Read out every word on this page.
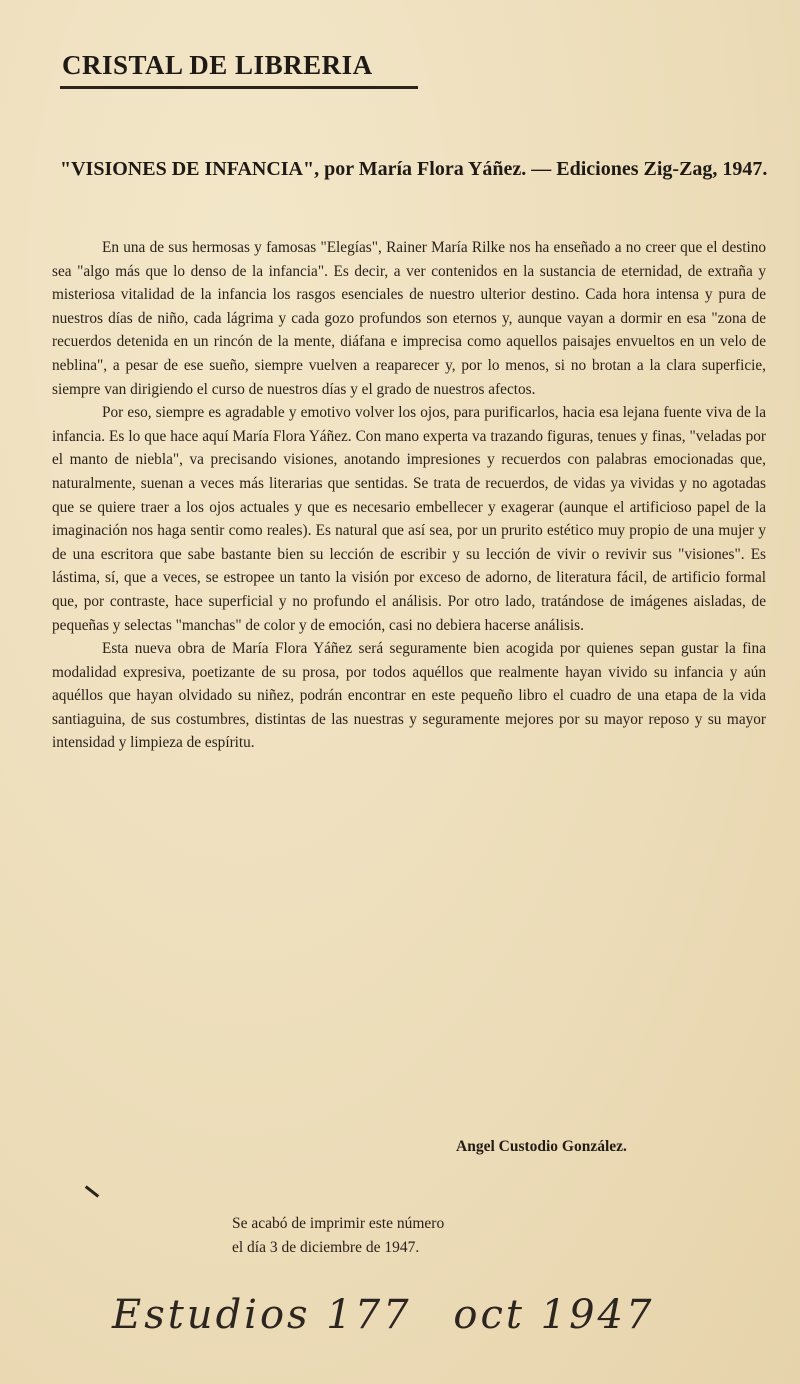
CRISTAL DE LIBRERIA
"VISIONES DE INFANCIA", por María Flora Yáñez. — Ediciones Zig-Zag, 1947.

En una de sus hermosas y famosas "Elegías", Rainer María Rilke nos ha enseñado a no creer que el destino sea "algo más que lo denso de la infancia". Es decir, a ver contenidos en la sustancia de eternidad, de extraña y misteriosa vitalidad de la infancia los rasgos esenciales de nuestro ulterior destino. Cada hora intensa y pura de nuestros días de niño, cada lágrima y cada gozo profundos son eternos y, aunque vayan a dormir en esa "zona de recuerdos detenida en un rincón de la mente, diáfana e imprecisa como aquellos paisajes envueltos en un velo de neblina", a pesar de ese sueño, siempre vuelven a reaparecer y, por lo menos, si no brotan a la clara superficie, siempre van dirigiendo el curso de nuestros días y el grado de nuestros afectos.

Por eso, siempre es agradable y emotivo volver los ojos, para purificarlos, hacia esa lejana fuente viva de la infancia. Es lo que hace aquí María Flora Yáñez. Con mano experta va trazando figuras, tenues y finas, "veladas por el manto de niebla", va precisando visiones, anotando impresiones y recuerdos con palabras emocionadas que, naturalmente, suenan a veces más literarias que sentidas. Se trata de recuerdos, de vidas ya vividas y no agotadas que se quiere traer a los ojos actuales y que es necesario embellecer y exagerar (aunque el artificioso papel de la imaginación nos haga sentir como reales). Es natural que así sea, por un prurito estético muy propio de una mujer y de una escritora que sabe bastante bien su lección de escribir y su lección de vivir o revivir sus "visiones". Es lástima, sí, que a veces, se estropee un tanto la visión por exceso de adorno, de literatura fácil, de artificio formal que, por contraste, hace superficial y no profundo el análisis. Por otro lado, tratándose de imágenes aisladas, de pequeñas y selectas "manchas" de color y de emoción, casi no debiera hacerse análisis.

Esta nueva obra de María Flora Yáñez será seguramente bien acogida por quienes sepan gustar la fina modalidad expresiva, poetizante de su prosa, por todos aquéllos que realmente hayan vivido su infancia y aún aquéllos que hayan olvidado su niñez, podrán encontrar en este pequeño libro el cuadro de una etapa de la vida santiaguina, de sus costumbres, distintas de las nuestras y seguramente mejores por su mayor reposo y su mayor intensidad y limpieza de espíritu.

Angel Custodio González.
Se acabó de imprimir este número
el día 3 de diciembre de 1947.
Estudios 177 oct 1947
